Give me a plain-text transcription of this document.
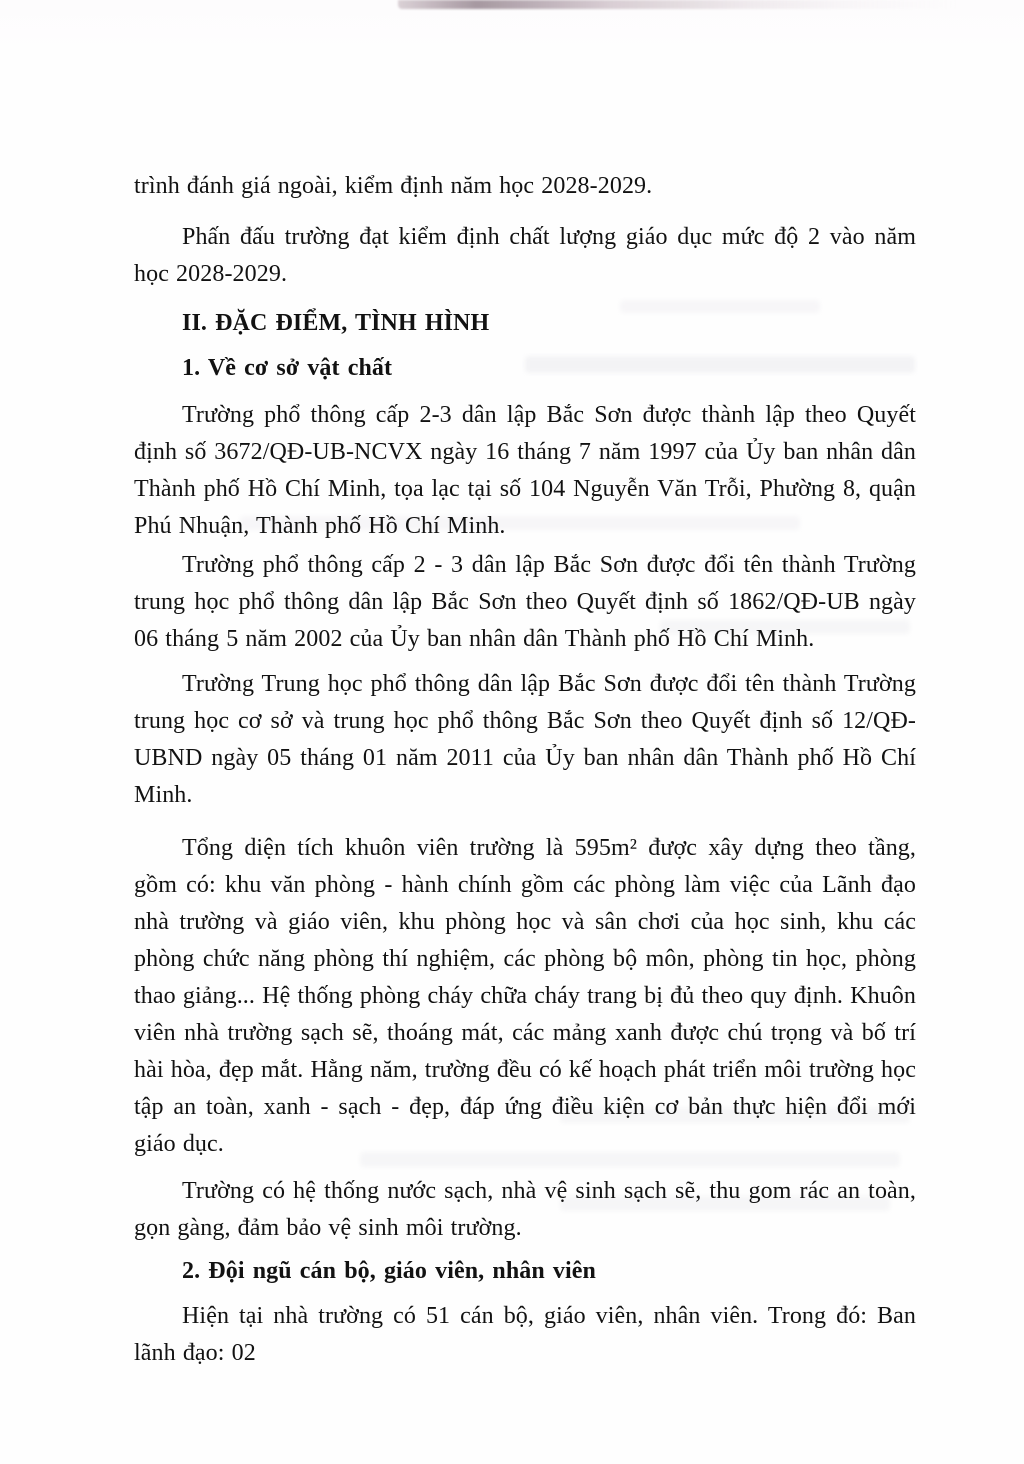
trình đánh giá ngoài, kiểm định năm học 2028-2029.

Phấn đấu trường đạt kiểm định chất lượng giáo dục mức độ 2 vào năm học 2028-2029.

II. ĐẶC ĐIỂM, TÌNH HÌNH

1. Về cơ sở vật chất

Trường phổ thông cấp 2-3 dân lập Bắc Sơn được thành lập theo Quyết định số 3672/QĐ-UB-NCVX ngày 16 tháng 7 năm 1997 của Ủy ban nhân dân Thành phố Hồ Chí Minh, tọa lạc tại số 104 Nguyễn Văn Trỗi, Phường 8, quận Phú Nhuận, Thành phố Hồ Chí Minh.

Trường phổ thông cấp 2 - 3 dân lập Bắc Sơn được đổi tên thành Trường trung học phổ thông dân lập Bắc Sơn theo Quyết định số 1862/QĐ-UB ngày 06 tháng 5 năm 2002 của Ủy ban nhân dân Thành phố Hồ Chí Minh.

Trường Trung học phổ thông dân lập Bắc Sơn được đổi tên thành Trường trung học cơ sở và trung học phổ thông Bắc Sơn theo Quyết định số 12/QĐ-UBND ngày 05 tháng 01 năm 2011 của Ủy ban nhân dân Thành phố Hồ Chí Minh.

Tổng diện tích khuôn viên trường là 595m² được xây dựng theo tầng, gồm có: khu văn phòng - hành chính gồm các phòng làm việc của Lãnh đạo nhà trường và giáo viên, khu phòng học và sân chơi của học sinh, khu các phòng chức năng phòng thí nghiệm, các phòng bộ môn, phòng tin học, phòng thao giảng... Hệ thống phòng cháy chữa cháy trang bị đủ theo quy định. Khuôn viên nhà trường sạch sẽ, thoáng mát, các mảng xanh được chú trọng và bố trí hài hòa, đẹp mắt. Hằng năm, trường đều có kế hoạch phát triển môi trường học tập an toàn, xanh - sạch - đẹp, đáp ứng điều kiện cơ bản thực hiện đổi mới giáo dục.

Trường có hệ thống nước sạch, nhà vệ sinh sạch sẽ, thu gom rác an toàn, gọn gàng, đảm bảo vệ sinh môi trường.

2. Đội ngũ cán bộ, giáo viên, nhân viên

Hiện tại nhà trường có 51 cán bộ, giáo viên, nhân viên. Trong đó: Ban lãnh đạo: 02
